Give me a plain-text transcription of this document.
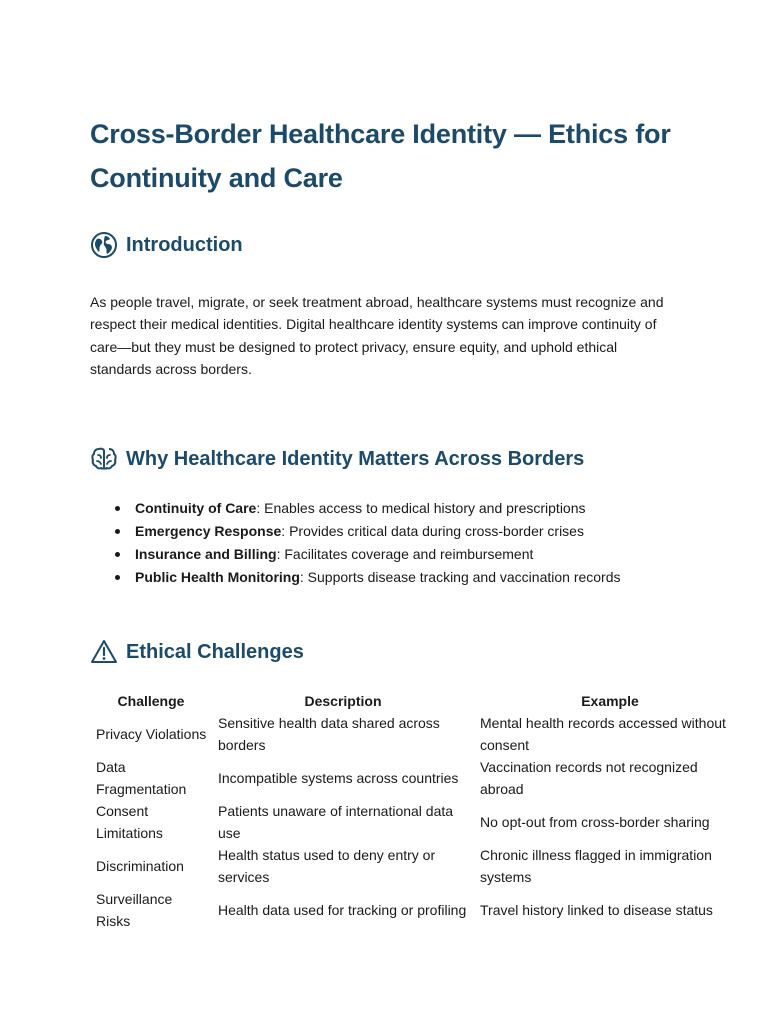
Cross-Border Healthcare Identity — Ethics for Continuity and Care
Introduction

As people travel, migrate, or seek treatment abroad, healthcare systems must recognize and respect their medical identities. Digital healthcare identity systems can improve continuity of care—but they must be designed to protect privacy, ensure equity, and uphold ethical standards across borders.

Why Healthcare Identity Matters Across Borders
Continuity of Care: Enables access to medical history and prescriptions
Emergency Response: Provides critical data during cross-border crises
Insurance and Billing: Facilitates coverage and reimbursement
Public Health Monitoring: Supports disease tracking and vaccination records
Ethical Challenges
Challenge	Description	Example
Privacy Violations	Sensitive health data shared across borders	Mental health records accessed without consent
Data Fragmentation	Incompatible systems across countries	Vaccination records not recognized abroad
Consent Limitations	Patients unaware of international data use	No opt-out from cross-border sharing
Discrimination	Health status used to deny entry or services	Chronic illness flagged in immigration systems
Surveillance Risks	Health data used for tracking or profiling	Travel history linked to disease status
